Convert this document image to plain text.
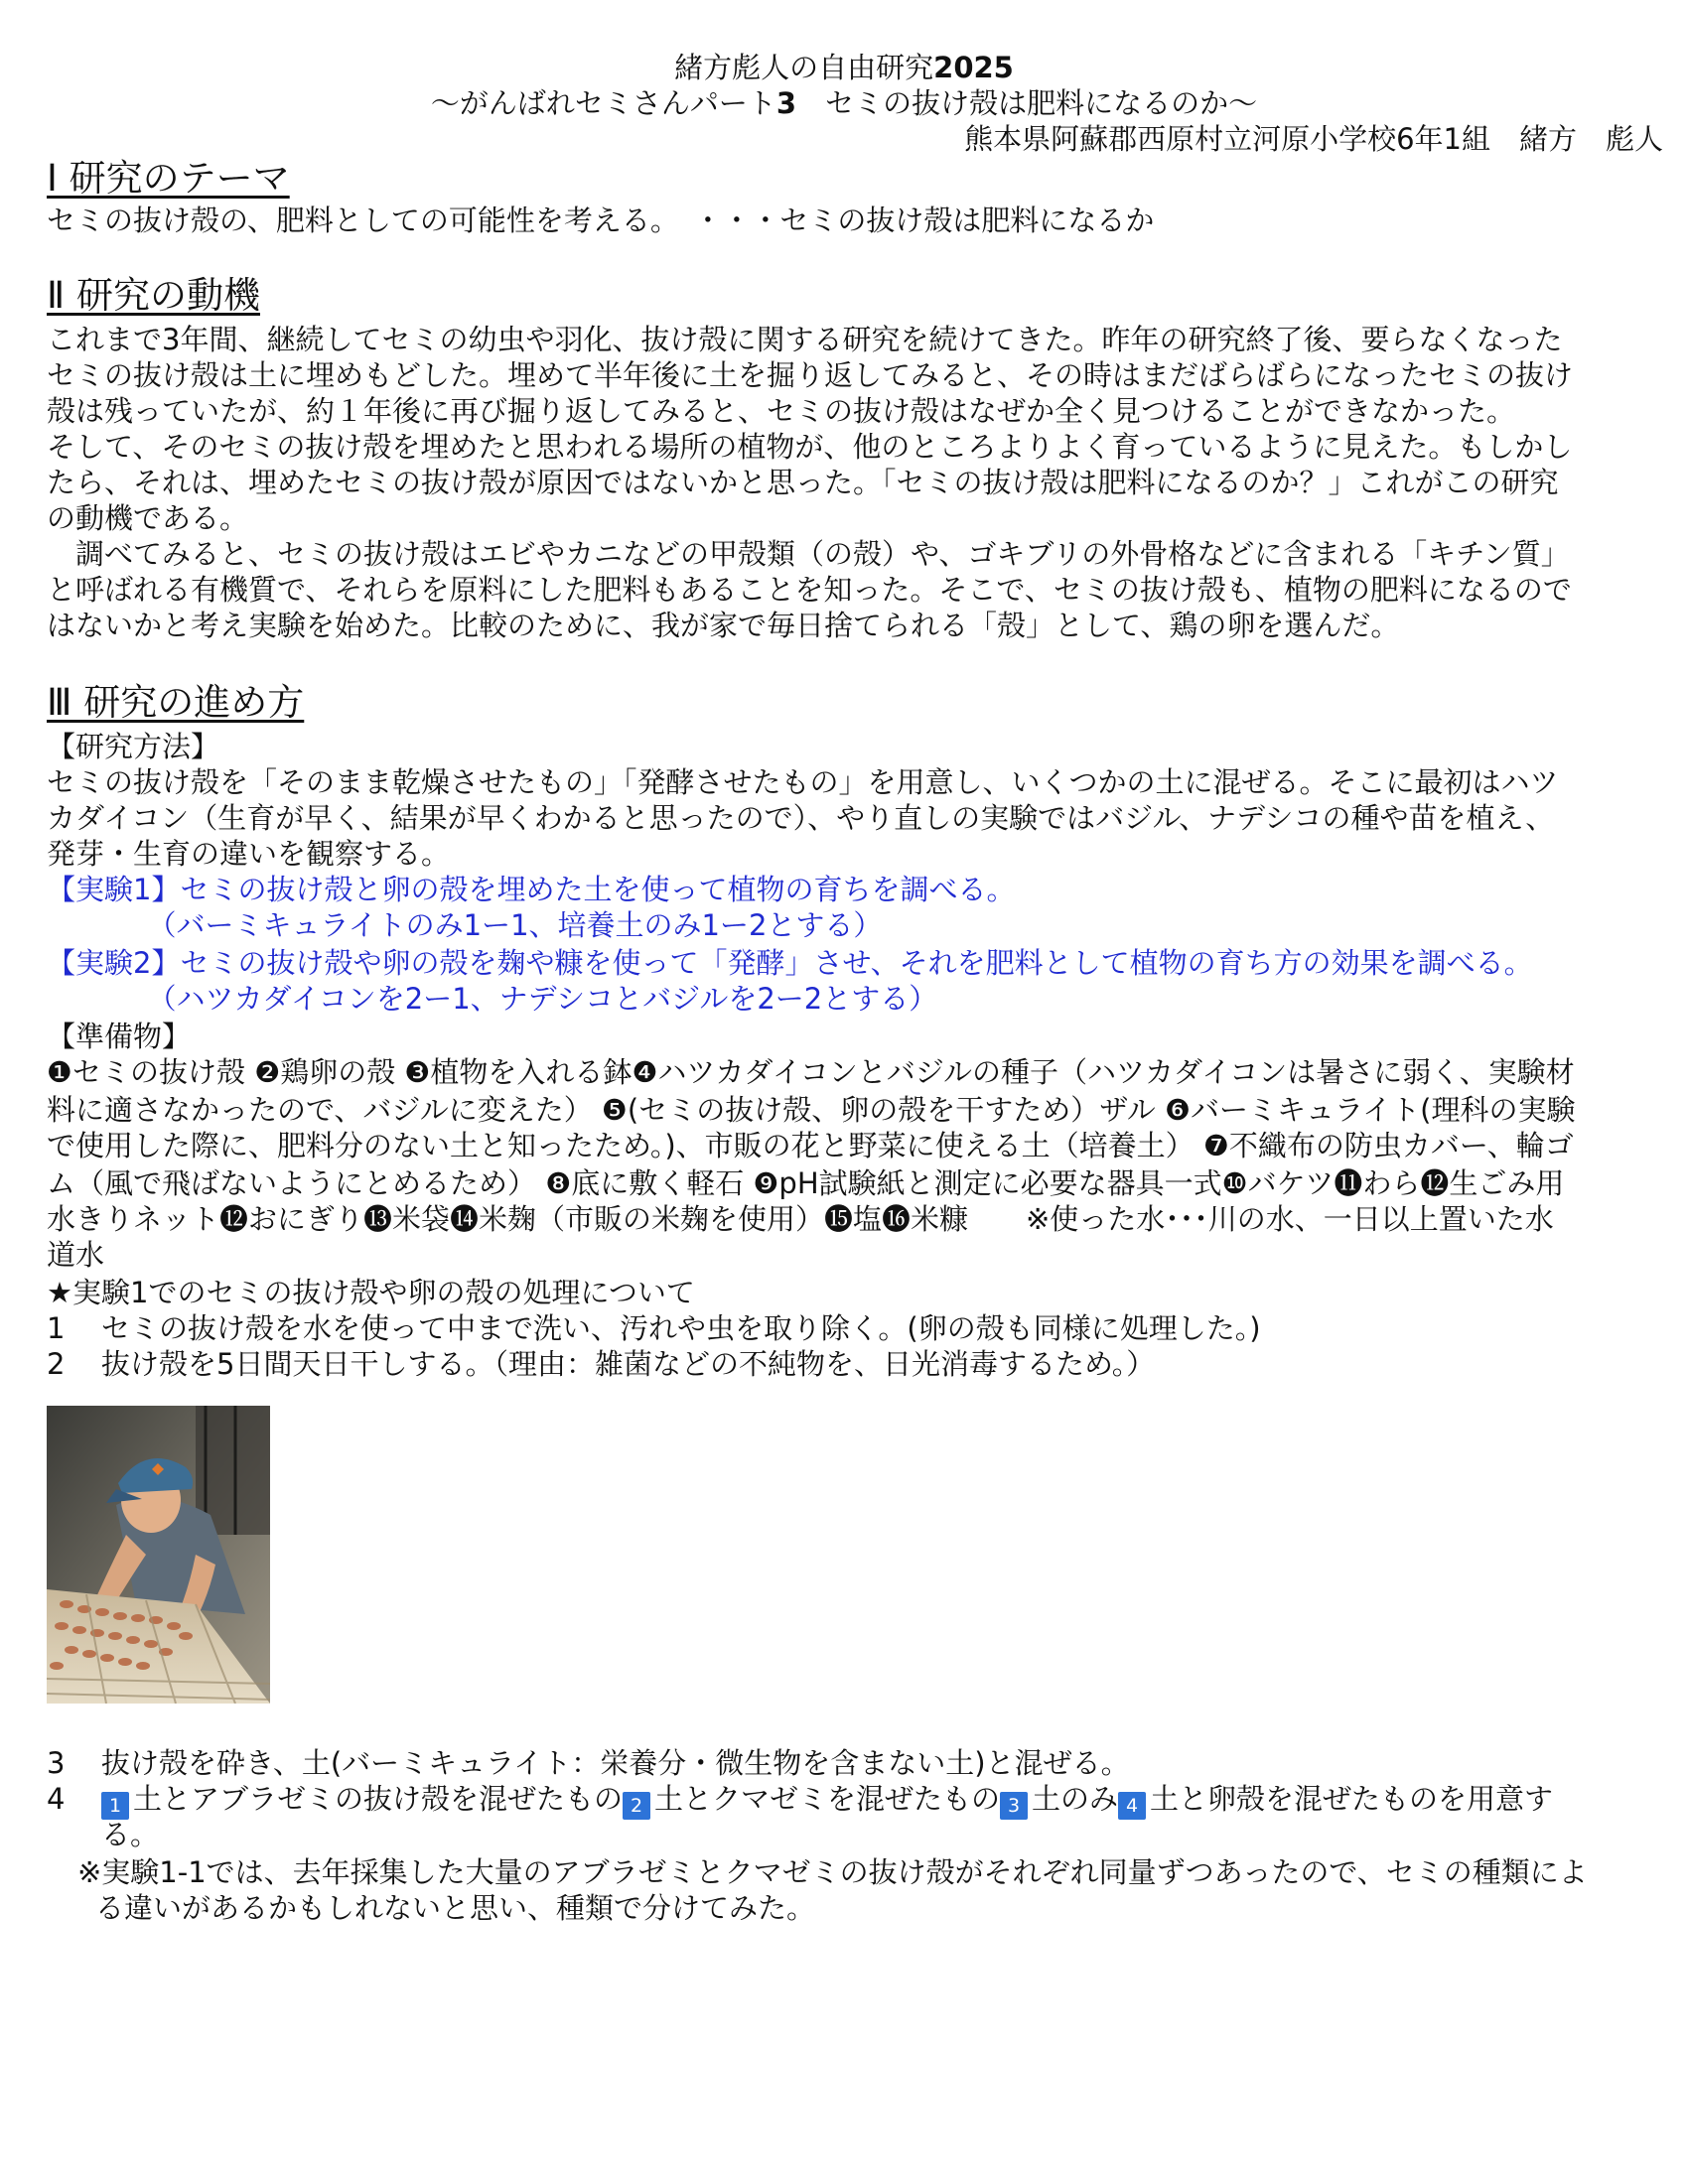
緒方彪人の自由研究2025
〜がんばれセミさんパート3　セミの抜け殻は肥料になるのか〜
熊本県阿蘇郡西原村立河原小学校6年1組　緒方　彪人
Ⅰ 研究のテーマ
セミの抜け殻の、肥料としての可能性を考える。　・・・セミの抜け殻は肥料になるか
Ⅱ 研究の動機
これまで3年間、継続してセミの幼虫や羽化、抜け殻に関する研究を続けてきた。昨年の研究終了後、要らなくなった
セミの抜け殻は土に埋めもどした。埋めて半年後に土を掘り返してみると、その時はまだばらばらになったセミの抜け
殻は残っていたが、約１年後に再び掘り返してみると、セミの抜け殻はなぜか全く見つけることができなかった。
そして、そのセミの抜け殻を埋めたと思われる場所の植物が、他のところよりよく育っているように見えた。もしかし
たら、それは、埋めたセミの抜け殻が原因ではないかと思った。「セミの抜け殻は肥料になるのか？」これがこの研究
の動機である。
　調べてみると、セミの抜け殻はエビやカニなどの甲殻類（の殻）や、ゴキブリの外骨格などに含まれる「キチン質」
と呼ばれる有機質で、それらを原料にした肥料もあることを知った。そこで、セミの抜け殻も、植物の肥料になるので
はないかと考え実験を始めた。比較のために、我が家で毎日捨てられる「殻」として、鶏の卵を選んだ。
Ⅲ 研究の進め方
【研究方法】
セミの抜け殻を「そのまま乾燥させたもの」「発酵させたもの」を用意し、いくつかの土に混ぜる。そこに最初はハツ
カダイコン（生育が早く、結果が早くわかると思ったので）、やり直しの実験ではバジル、ナデシコの種や苗を植え、
発芽・生育の違いを観察する。
【実験1】セミの抜け殻と卵の殻を埋めた土を使って植物の育ちを調べる。
　　　　（バーミキュライトのみ1ー1、培養土のみ1ー2とする）
【実験2】セミの抜け殻や卵の殻を麹や糠を使って「発酵」させ、それを肥料として植物の育ち方の効果を調べる。
　　　　（ハツカダイコンを2ー1、ナデシコとバジルを2ー2とする）
【準備物】
❶セミの抜け殻 ❷鶏卵の殻 ❸植物を入れる鉢❹ハツカダイコンとバジルの種子（ハツカダイコンは暑さに弱く、実験材
料に適さなかったので、バジルに変えた） ❺(セミの抜け殻、卵の殻を干すため）ザル ❻バーミキュライト(理科の実験
で使用した際に、肥料分のない土と知ったため。)、市販の花と野菜に使える土（培養土） ❼不織布の防虫カバー、輪ゴ
ム（風で飛ばないようにとめるため） ❽底に敷く軽石 ❾pH試験紙と測定に必要な器具一式❿バケツ⓫わら⓬生ごみ用
水きりネット⓬おにぎり⓭米袋⓮米麹（市販の米麹を使用）⓯塩⓰米糠　　※使った水･･･川の水、一日以上置いた水
道水
★実験1でのセミの抜け殻や卵の殻の処理について
1 セミの抜け殻を水を使って中まで洗い、汚れや虫を取り除く。(卵の殻も同様に処理した。)
2 抜け殻を5日間天日干しする。（理由：雑菌などの不純物を、日光消毒するため。）
3 抜け殻を砕き、土(バーミキュライト：栄養分・微生物を含まない土)と混ぜる。
4 1 土とアブラゼミの抜け殻を混ぜたもの 2 土とクマゼミを混ぜたもの 3 土のみ 4 土と卵殻を混ぜたものを用意す
る。
※実験1-1では、去年採集した大量のアブラゼミとクマゼミの抜け殻がそれぞれ同量ずつあったので、セミの種類によ
る違いがあるかもしれないと思い、種類で分けてみた。
